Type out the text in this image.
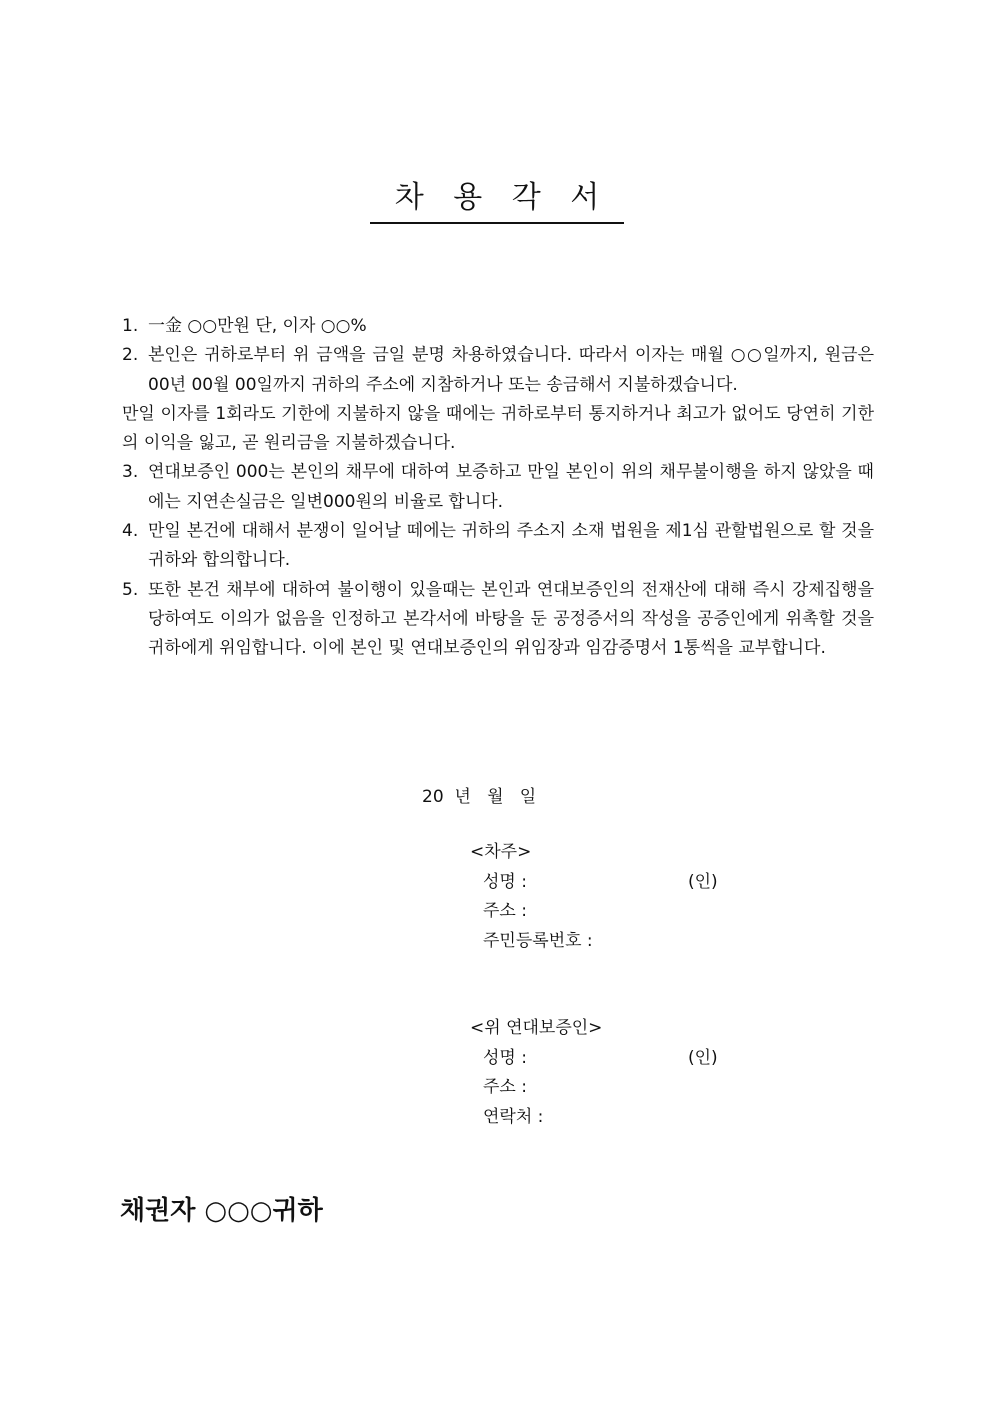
차 용 각 서
1. 一金 ○○만원 단, 이자 ○○%
2. 본인은 귀하로부터 위 금액을 금일 분명 차용하였습니다. 따라서 이자는 매월 ○○일까지, 원금은 00년 00월 00일까지 귀하의 주소에 지참하거나 또는 송금해서 지불하겠습니다.
만일 이자를 1회라도 기한에 지불하지 않을 때에는 귀하로부터 통지하거나 최고가 없어도 당연히 기한의 이익을 잃고, 곧 원리금을 지불하겠습니다.
3. 연대보증인 000는 본인의 채무에 대하여 보증하고 만일 본인이 위의 채무불이행을 하지 않았을 때에는 지연손실금은 일변000원의 비율로 합니다.
4. 만일 본건에 대해서 분쟁이 일어날 떼에는 귀하의 주소지 소재 법원을 제1심 관할법원으로 할 것을 귀하와 합의합니다.
5. 또한 본건 채부에 대하여 불이행이 있을때는 본인과 연대보증인의 전재산에 대해 즉시 강제집행을 당하여도 이의가 없음을 인정하고 본각서에 바탕을 둔 공정증서의 작성을 공증인에게 위촉할 것을 귀하에게 위임합니다. 이에 본인 및 연대보증인의 위임장과 임감증명서 1통씩을 교부합니다.
20  년   월   일
<차주>
성명 :	(인)
주소 :
주민등록번호 :
<위 연대보증인>
성명 :	(인)
주소 :
연락처 :
채권자 ○○○귀하
